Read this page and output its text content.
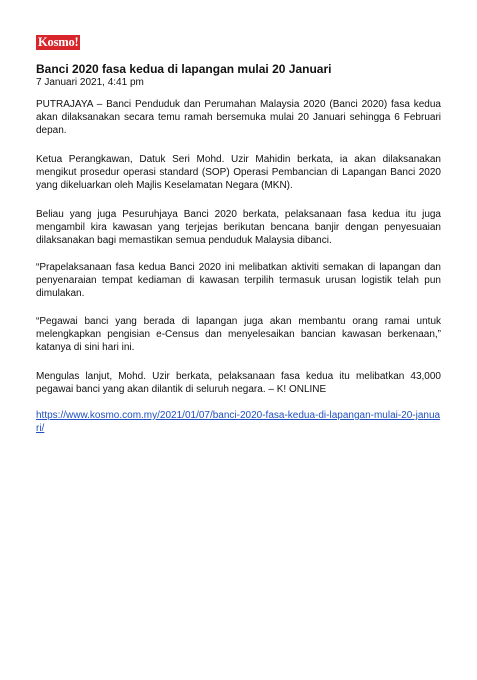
Kosmo!
Banci 2020 fasa kedua di lapangan mulai 20 Januari
7 Januari 2021, 4:41 pm

PUTRAJAYA – Banci Penduduk dan Perumahan Malaysia 2020 (Banci 2020) fasa kedua akan dilaksanakan secara temu ramah bersemuka mulai 20 Januari sehingga 6 Februari depan.

Ketua Perangkawan, Datuk Seri Mohd. Uzir Mahidin berkata, ia akan dilaksanakan mengikut prosedur operasi standard (SOP) Operasi Pembancian di Lapangan Banci 2020 yang dikeluarkan oleh Majlis Keselamatan Negara (MKN).

Beliau yang juga Pesuruhjaya Banci 2020 berkata, pelaksanaan fasa kedua itu juga mengambil kira kawasan yang terjejas berikutan bencana banjir dengan penyesuaian dilaksanakan bagi memastikan semua penduduk Malaysia dibanci.

“Prapelaksanaan fasa kedua Banci 2020 ini melibatkan aktiviti semakan di lapangan dan penyenaraian tempat kediaman di kawasan terpilih termasuk urusan logistik telah pun dimulakan.

“Pegawai banci yang berada di lapangan juga akan membantu orang ramai untuk melengkapkan pengisian e-Census dan menyelesaikan bancian kawasan berkenaan,” katanya di sini hari ini.

Mengulas lanjut, Mohd. Uzir berkata, pelaksanaan fasa kedua itu melibatkan 43,000 pegawai banci yang akan dilantik di seluruh negara. – K! ONLINE

https://www.kosmo.com.my/2021/01/07/banci-2020-fasa-kedua-di-lapangan-mulai-20-januari/
